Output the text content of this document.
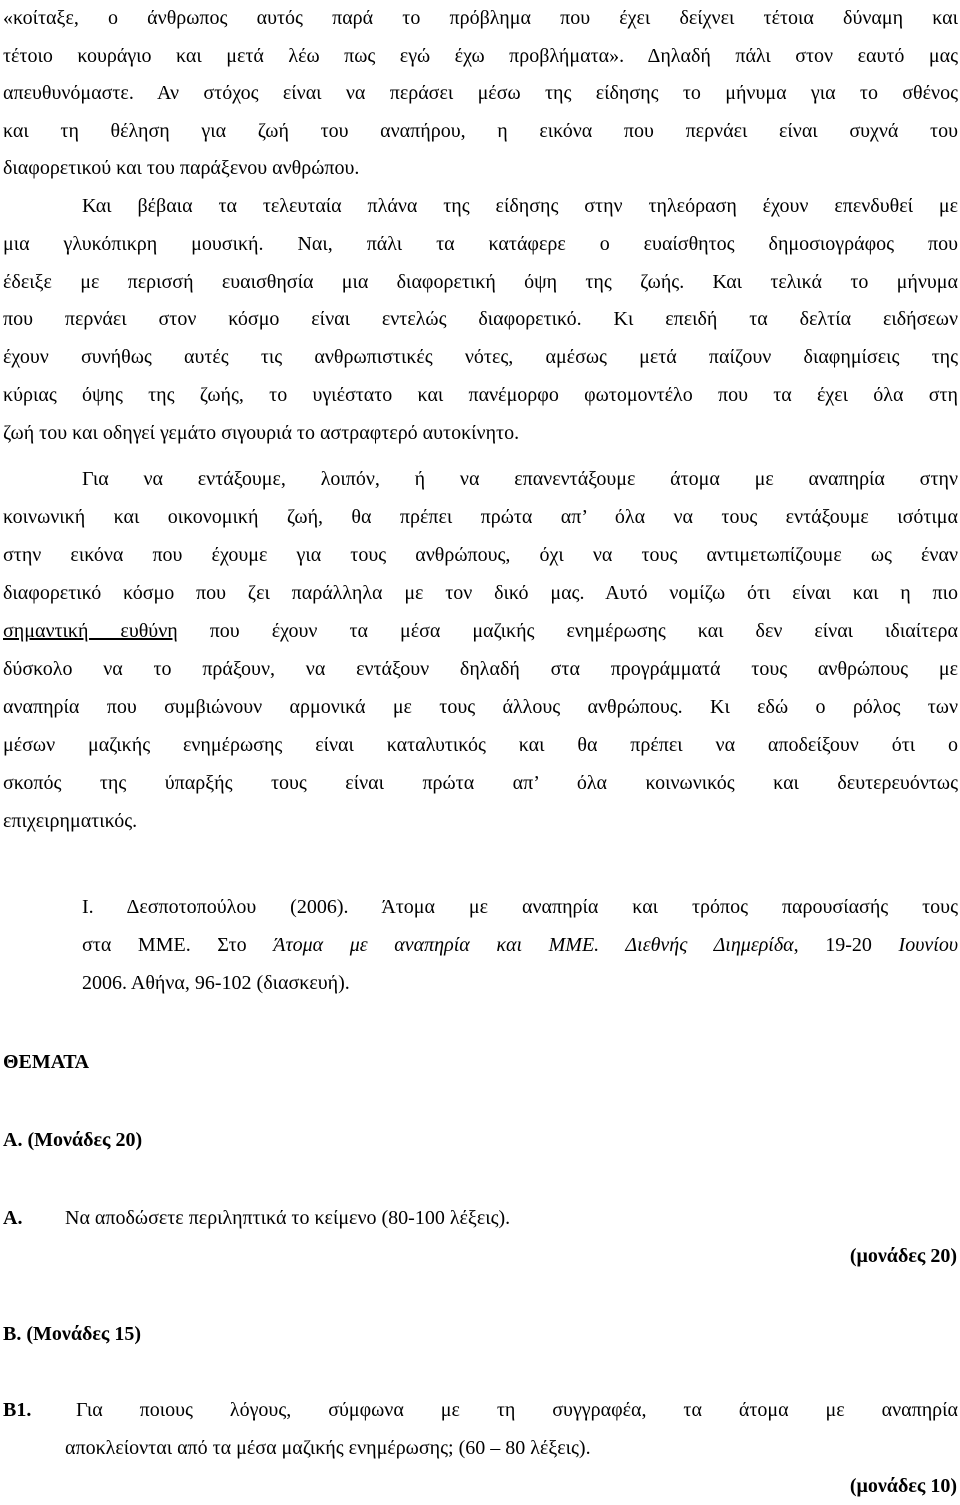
«κοίταξε, ο άνθρωπος αυτός παρά το πρόβλημα που έχει δείχνει τέτοια δύναμη και
τέτοιο κουράγιο και μετά λέω πως εγώ έχω προβλήματα». Δηλαδή πάλι στον εαυτό μας
απευθυνόμαστε. Αν στόχος είναι να περάσει μέσω της είδησης το μήνυμα για το σθένος
και τη θέληση για ζωή του αναπήρου, η εικόνα που περνάει είναι συχνά του
διαφορετικού και του παράξενου ανθρώπου.
Και βέβαια τα τελευταία πλάνα της είδησης στην τηλεόραση έχουν επενδυθεί με
μια γλυκόπικρη μουσική. Ναι, πάλι τα κατάφερε ο ευαίσθητος δημοσιογράφος που
έδειξε με περισσή ευαισθησία μια διαφορετική όψη της ζωής. Και τελικά το μήνυμα
που περνάει στον κόσμο είναι εντελώς διαφορετικό. Κι επειδή τα δελτία ειδήσεων
έχουν συνήθως αυτές τις ανθρωπιστικές νότες, αμέσως μετά παίζουν διαφημίσεις της
κύριας όψης της ζωής, το υγιέστατο και πανέμορφο φωτομοντέλο που τα έχει όλα στη
ζωή του και οδηγεί γεμάτο σιγουριά το αστραφτερό αυτοκίνητο.
Για να εντάξουμε, λοιπόν, ή να επανεντάξουμε άτομα με αναπηρία στην
κοινωνική και οικονομική ζωή, θα πρέπει πρώτα απ’ όλα να τους εντάξουμε ισότιμα
στην εικόνα που έχουμε για τους ανθρώπους, όχι να τους αντιμετωπίζουμε ως έναν
διαφορετικό κόσμο που ζει παράλληλα με τον δικό μας. Αυτό νομίζω ότι είναι και η πιο
σημαντική ευθύνη που έχουν τα μέσα μαζικής ενημέρωσης και δεν είναι ιδιαίτερα
δύσκολο να το πράξουν, να εντάξουν δηλαδή στα προγράμματά τους ανθρώπους με
αναπηρία που συμβιώνουν αρμονικά με τους άλλους ανθρώπους. Κι εδώ ο ρόλος των
μέσων μαζικής ενημέρωσης είναι καταλυτικός και θα πρέπει να αποδείξουν ότι ο
σκοπός της ύπαρξής τους είναι πρώτα απ’ όλα κοινωνικός και δευτερευόντως
επιχειρηματικός.
Ι. Δεσποτοπούλου (2006). Άτομα με αναπηρία και τρόπος παρουσίασής τους
στα ΜΜΕ. Στο Άτομα με αναπηρία και ΜΜΕ. Διεθνής Διημερίδα, 19-20 Ιουνίου
2006. Αθήνα, 96-102 (διασκευή).
ΘΕΜΑΤΑ
Α. (Μονάδες 20)
Α. Να αποδώσετε περιληπτικά το κείμενο (80-100 λέξεις).
(μονάδες 20)
Β. (Μονάδες 15)
Β1. Για ποιους λόγους, σύμφωνα με τη συγγραφέα, τα άτομα με αναπηρία
αποκλείονται από τα μέσα μαζικής ενημέρωσης; (60 – 80 λέξεις).
(μονάδες 10)
